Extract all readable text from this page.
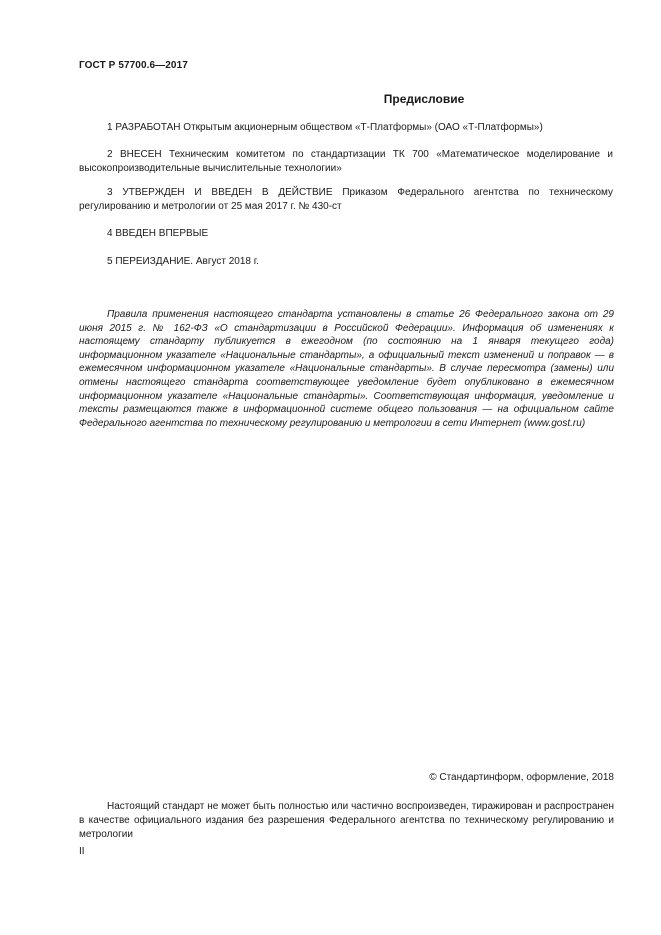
ГОСТ Р 57700.6—2017
Предисловие

1 РАЗРАБОТАН Открытым акционерным обществом «Т-Платформы» (ОАО «Т-Платформы»)

2 ВНЕСЕН Техническим комитетом по стандартизации ТК 700 «Математическое моделирование и высокопроизводительные вычислительные технологии»

3 УТВЕРЖДЕН И ВВЕДЕН В ДЕЙСТВИЕ Приказом Федерального агентства по техническому регулированию и метрологии от 25 мая 2017 г. № 430-ст

4 ВВЕДЕН ВПЕРВЫЕ

5 ПЕРЕИЗДАНИЕ. Август 2018 г.

Правила применения настоящего стандарта установлены в статье 26 Федерального закона от 29 июня 2015 г. № 162-ФЗ «О стандартизации в Российской Федерации». Информация об изменениях к настоящему стандарту публикуется в ежегодном (по состоянию на 1 января текущего года) информационном указателе «Национальные стандарты», а официальный текст изменений и поправок — в ежемесячном информационном указателе «Национальные стандарты». В случае пересмотра (замены) или отмены настоящего стандарта соответствующее уведомление будет опубликовано в ежемесячном информационном указателе «Национальные стандарты». Соответствующая информация, уведомление и тексты размещаются также в информационной системе общего пользования — на официальном сайте Федерального агентства по техническому регулированию и метрологии в сети Интернет (www.gost.ru)

© Стандартинформ, оформление, 2018

Настоящий стандарт не может быть полностью или частично воспроизведен, тиражирован и распространен в качестве официального издания без разрешения Федерального агентства по техническому регулированию и метрологии

II
